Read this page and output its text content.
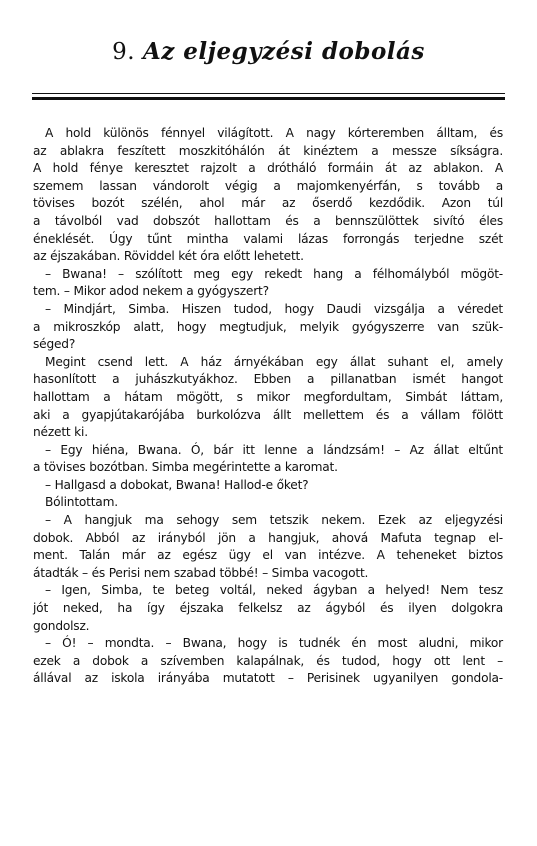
9. Az eljegyzési dobolás
A hold különös fénnyel világított. A nagy kórteremben álltam, és
az ablakra feszített moszkitóhálón át kinéztem a messze síkságra.
A hold fénye keresztet rajzolt a drótháló formáin át az ablakon. A
szemem lassan vándorolt végig a majomkenyérfán, s tovább a
tövises bozót szélén, ahol már az őserdő kezdődik. Azon túl
a távolból vad dobszót hallottam és a bennszülöttek sivító éles
éneklését. Úgy tűnt mintha valami lázas forrongás terjedne szét
az éjszakában. Röviddel két óra előtt lehetett.
– Bwana! – szólított meg egy rekedt hang a félhomályból mögöt-
tem. – Mikor adod nekem a gyógyszert?
– Mindjárt, Simba. Hiszen tudod, hogy Daudi vizsgálja a véredet
a mikroszkóp alatt, hogy megtudjuk, melyik gyógyszerre van szük-
séged?
Megint csend lett. A ház árnyékában egy állat suhant el, amely
hasonlított a juhászkutyákhoz. Ebben a pillanatban ismét hangot
hallottam a hátam mögött, s mikor megfordultam, Simbát láttam,
aki a gyapjútakarójába burkolózva állt mellettem és a vállam fölött
nézett ki.
– Egy hiéna, Bwana. Ó, bár itt lenne a lándzsám! – Az állat eltűnt
a tövises bozótban. Simba megérintette a karomat.
– Hallgasd a dobokat, Bwana! Hallod-e őket?
Bólintottam.
– A hangjuk ma sehogy sem tetszik nekem. Ezek az eljegyzési
dobok. Abból az irányból jön a hangjuk, ahová Mafuta tegnap el-
ment. Talán már az egész ügy el van intézve. A teheneket biztos
átadták – és Perisi nem szabad többé! – Simba vacogott.
– Igen, Simba, te beteg voltál, neked ágyban a helyed! Nem tesz
jót neked, ha így éjszaka felkelsz az ágyból és ilyen dolgokra
gondolsz.
– Ó! – mondta. – Bwana, hogy is tudnék én most aludni, mikor
ezek a dobok a szívemben kalapálnak, és tudod, hogy ott lent –
állával az iskola irányába mutatott – Perisinek ugyanilyen gondola-
